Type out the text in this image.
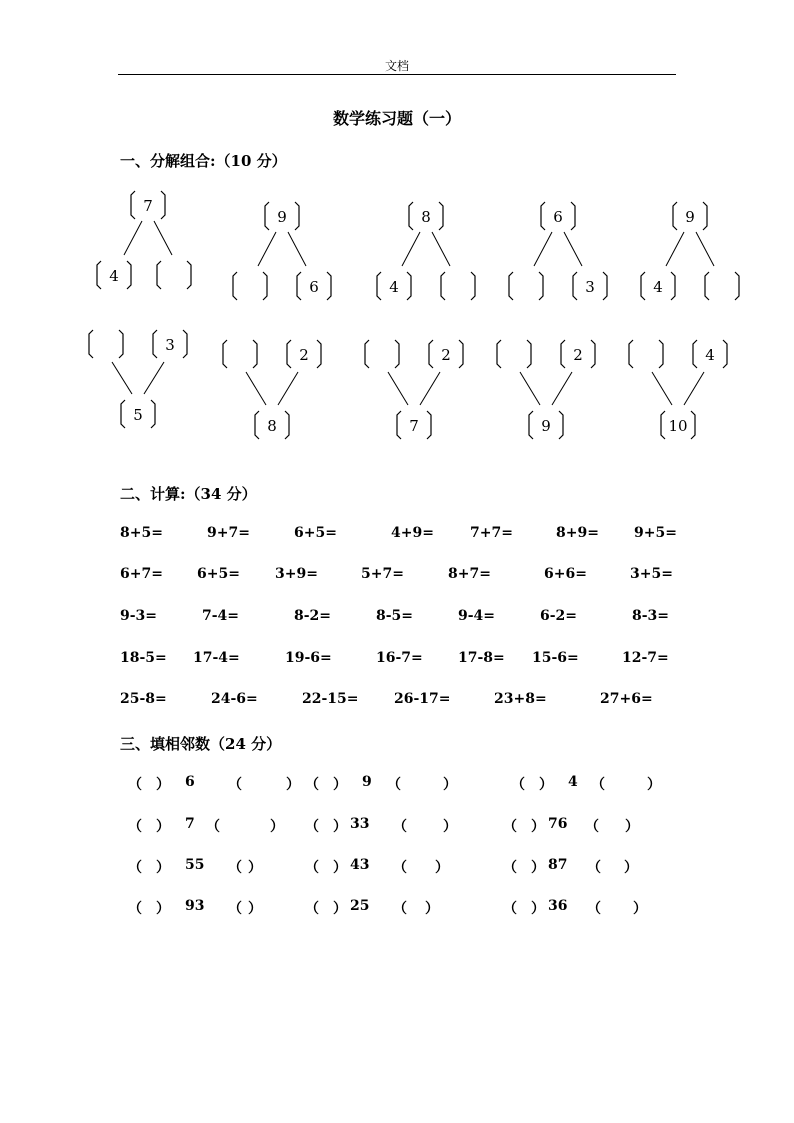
文档
数学练习题（一）
一、分解组合:（10 分）
7
4
9
6
8
4
6
3
9
4
3
5
2
8
2
7
2
9
4
10
二、计算:（34 分）
8+5=	9+7=	6+5=	4+9=	7+7=	8+9=	9+5=
6+7= 6+5=	3+9=	5+7=	8+7=	6+6=	3+5=
9-3=	7-4=	8-2=	8-5=	9-4=	6-2=	8-3=
18-5= 17-4=	19-6=	16-7=	17-8= 15-6=	12-7=
25-8=	24-6=	22-15=	26-17=	23+8=	27+6=
三、填相邻数（24 分）
（ ） 6 （	） （ ） 9 （	）	（ ） 4 （	）
（ ） 7 （	） （ ） 33 （	）	（ ） 76 （ ）
（ ） 55 （ ）	（ ） 43 （ ）	（ ） 87 （ ）
（ ） 93 （ ）	（ ） 25 （ ）	（ ） 36 （ ）
